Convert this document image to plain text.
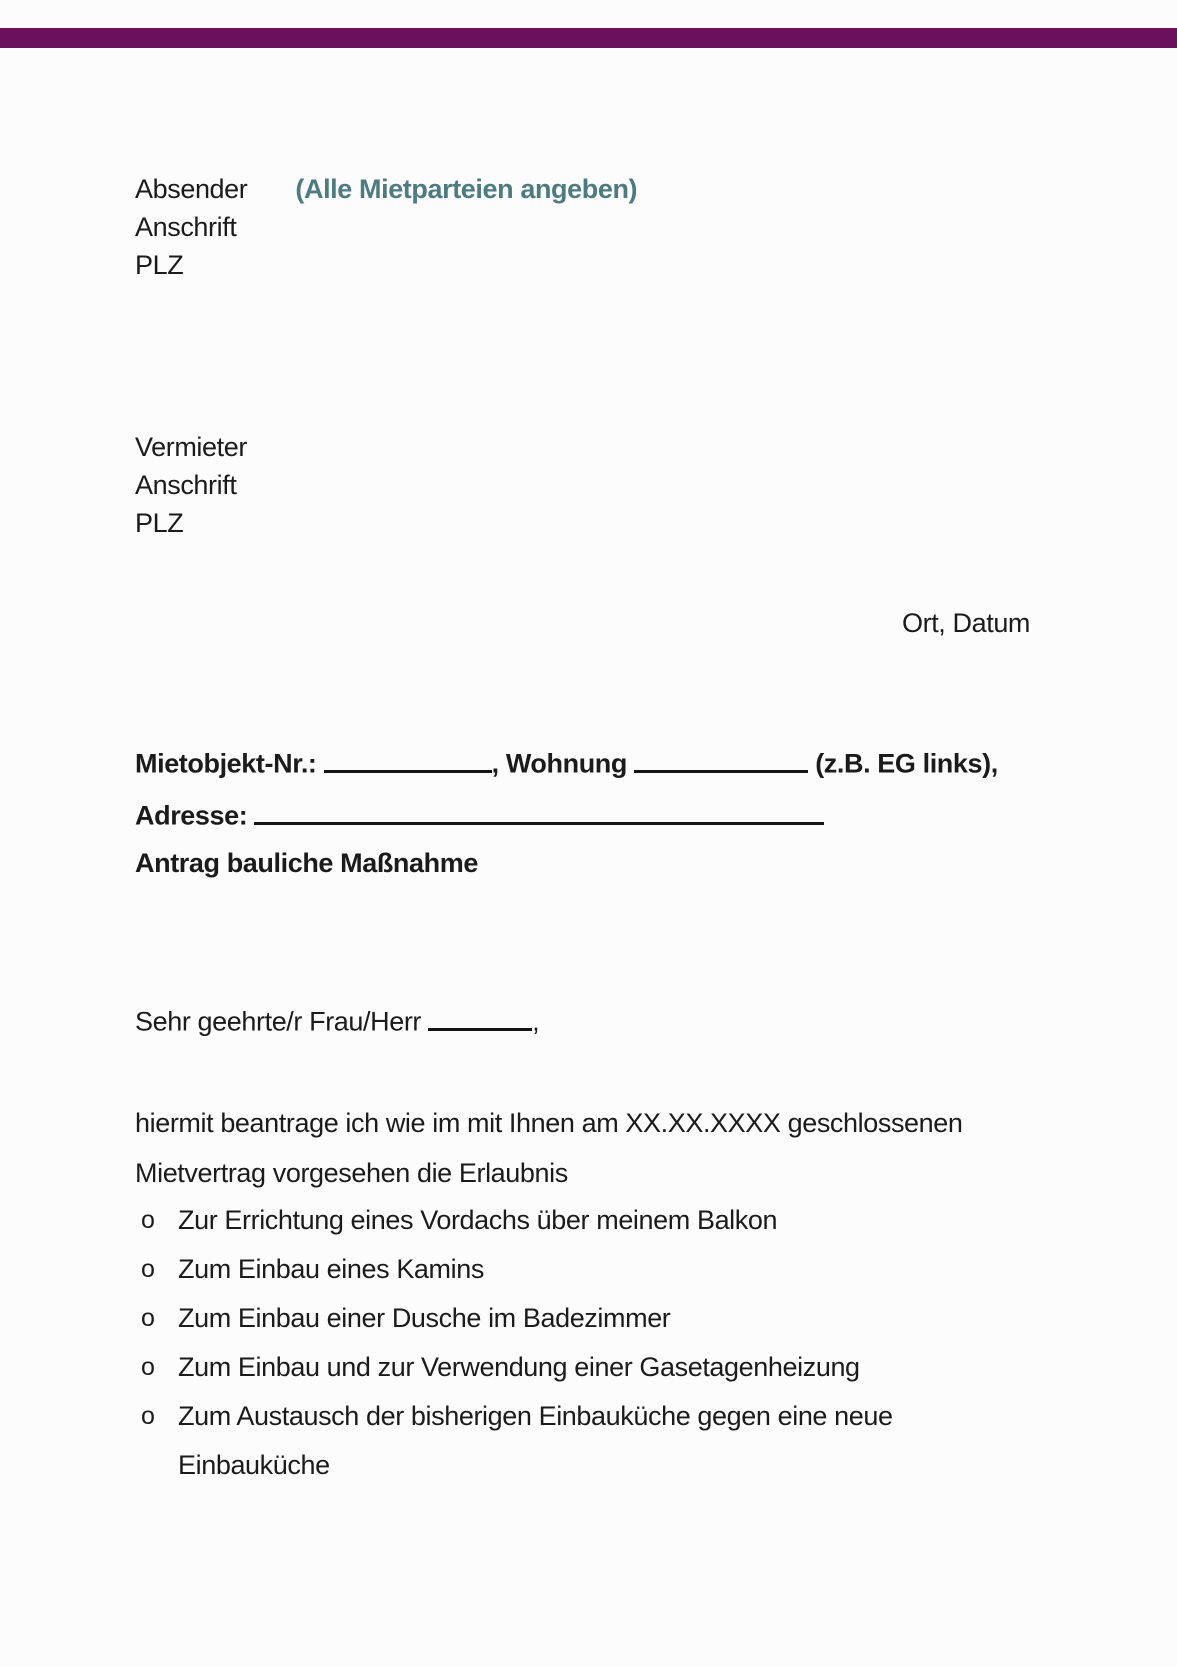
Absender (Alle Mietparteien angeben)
Anschrift
PLZ
Vermieter
Anschrift
PLZ
Ort, Datum
Mietobjekt-Nr.:	, Wohnung	(z.B. EG links),
Adresse:
Antrag bauliche Maßnahme
Sehr geehrte/r Frau/Herr	,
hiermit beantrage ich wie im mit Ihnen am XX.XX.XXXX geschlossenen
Mietvertrag vorgesehen die Erlaubnis
o Zur Errichtung eines Vordachs über meinem Balkon
o Zum Einbau eines Kamins
o Zum Einbau einer Dusche im Badezimmer
o Zum Einbau und zur Verwendung einer Gasetagenheizung
o Zum Austausch der bisherigen Einbauküche gegen eine neue Einbauküche
